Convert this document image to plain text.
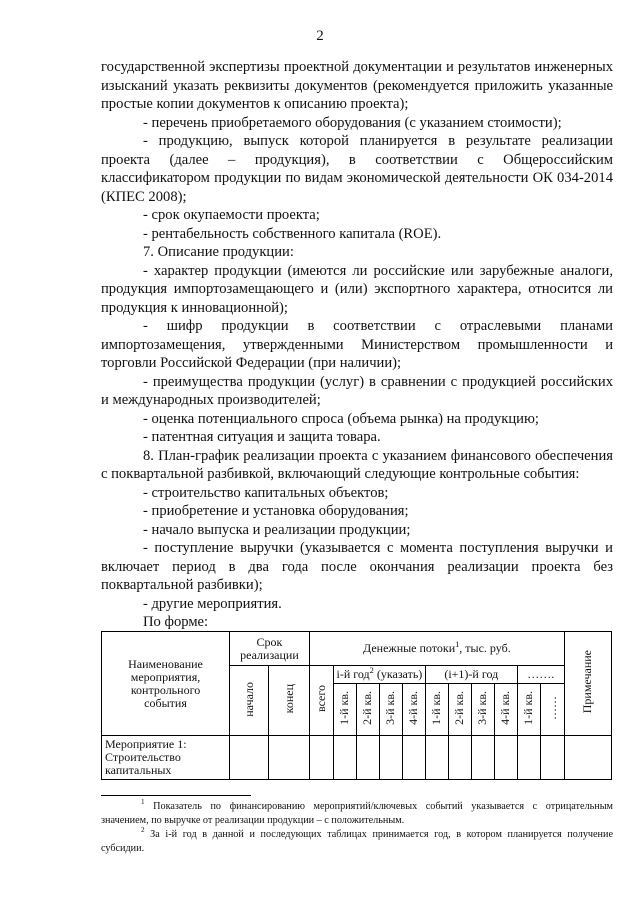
2

государственной экспертизы проектной документации и результатов инженерных изысканий указать реквизиты документов (рекомендуется приложить указанные простые копии документов к описанию проекта);

- перечень приобретаемого оборудования (с указанием стоимости);

- продукцию, выпуск которой планируется в результате реализации проекта (далее – продукция), в соответствии с Общероссийским классификатором продукции по видам экономической деятельности ОК 034-2014 (КПЕС 2008);

- срок окупаемости проекта;

- рентабельность собственного капитала (ROE).

7. Описание продукции:

- характер продукции (имеются ли российские или зарубежные аналоги, продукция импортозамещающего и (или) экспортного характера, относится ли продукция к инновационной);

- шифр продукции в соответствии с отраслевыми планами импортозамещения, утвержденными Министерством промышленности и торговли Российской Федерации (при наличии);

- преимущества продукции (услуг) в сравнении с продукцией российских и международных производителей;

- оценка потенциального спроса (объема рынка) на продукцию;

- патентная ситуация и защита товара.

8. План-график реализации проекта с указанием финансового обеспечения с поквартальной разбивкой, включающий следующие контрольные события:

- строительство капитальных объектов;

- приобретение и установка оборудования;

- начало выпуска и реализации продукции;

- поступление выручки (указывается с момента поступления выручки и включает период в два года после окончания реализации проекта без поквартальной разбивки);

- другие мероприятия.

По форме:

Наименование мероприятия, контрольного события	Срок реализации		Денежные потоки$^1$, тыс. руб.											Примечание
	начало	конец	всего	i-й год$^2$ (указать)				(i+1)-й год				…….		
				1-й кв.	2-й кв.	3-й кв.	4-й кв.	1-й кв.	2-й кв.	3-й кв.	4-й кв.	1-й кв.	……	
Мероприятие 1: Строительство капитальных														

$^1$ Показатель по финансированию мероприятий/ключевых событий указывается с отрицательным значением, по выручке от реализации продукции – с положительным.

$^2$ За i-й год в данной и последующих таблицах принимается год, в котором планируется получение субсидии.
